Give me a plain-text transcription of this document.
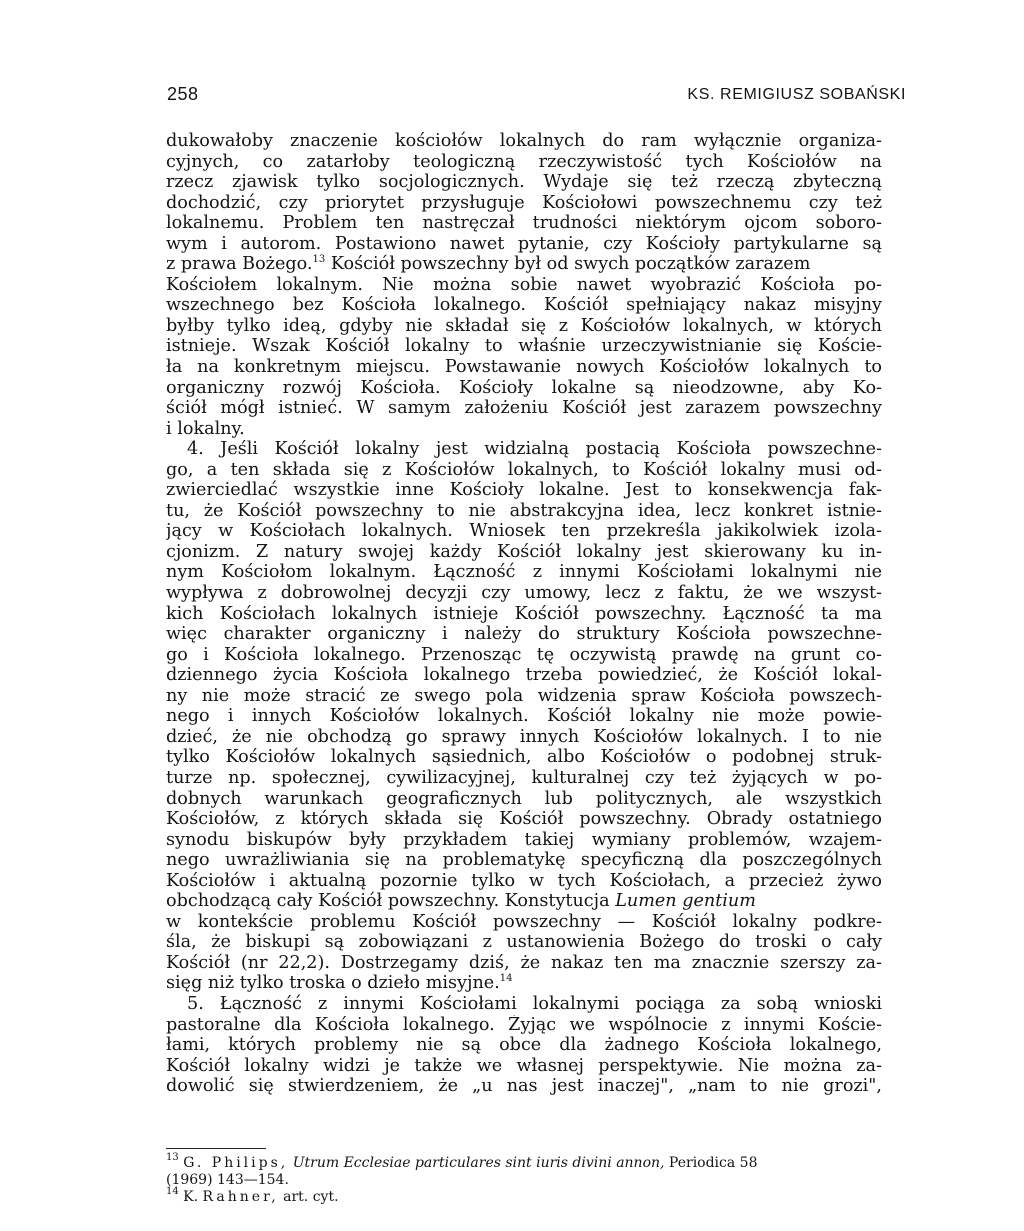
258	KS. REMIGIUSZ SOBAŃSKI
dukowałoby znaczenie kościołów lokalnych do ram wyłącznie organiza-
cyjnych, co zatarłoby teologiczną rzeczywistość tych Kościołów na
rzecz zjawisk tylko socjologicznych. Wydaje się też rzeczą zbyteczną
dochodzić, czy priorytet przysługuje Kościołowi powszechnemu czy też
lokalnemu. Problem ten nastręczał trudności niektórym ojcom soboro-
wym i autorom. Postawiono nawet pytanie, czy Kościoły partykularne są
z prawa Bożego.$^{13}$ Kościół powszechny był od swych początków zarazem
Kościołem lokalnym. Nie można sobie nawet wyobrazić Kościoła po-
wszechnego bez Kościoła lokalnego. Kościół spełniający nakaz misyjny
byłby tylko ideą, gdyby nie składał się z Kościołów lokalnych, w których
istnieje. Wszak Kościół lokalny to właśnie urzeczywistnianie się Koście-
ła na konkretnym miejscu. Powstawanie nowych Kościołów lokalnych to
organiczny rozwój Kościoła. Kościoły lokalne są nieodzowne, aby Ko-
ściół mógł istnieć. W samym założeniu Kościół jest zarazem powszechny
i lokalny.
4. Jeśli Kościół lokalny jest widzialną postacią Kościoła powszechne-
go, a ten składa się z Kościołów lokalnych, to Kościół lokalny musi od-
zwierciedlać wszystkie inne Kościoły lokalne. Jest to konsekwencja fak-
tu, że Kościół powszechny to nie abstrakcyjna idea, lecz konkret istnie-
jący w Kościołach lokalnych. Wniosek ten przekreśla jakikolwiek izola-
cjonizm. Z natury swojej każdy Kościół lokalny jest skierowany ku in-
nym Kościołom lokalnym. Łączność z innymi Kościołami lokalnymi nie
wypływa z dobrowolnej decyzji czy umowy, lecz z faktu, że we wszyst-
kich Kościołach lokalnych istnieje Kościół powszechny. Łączność ta ma
więc charakter organiczny i należy do struktury Kościoła powszechne-
go i Kościoła lokalnego. Przenosząc tę oczywistą prawdę na grunt co-
dziennego życia Kościoła lokalnego trzeba powiedzieć, że Kościół lokal-
ny nie może stracić ze swego pola widzenia spraw Kościoła powszech-
nego i innych Kościołów lokalnych. Kościół lokalny nie może powie-
dzieć, że nie obchodzą go sprawy innych Kościołów lokalnych. I to nie
tylko Kościołów lokalnych sąsiednich, albo Kościołów o podobnej struk-
turze np. społecznej, cywilizacyjnej, kulturalnej czy też żyjących w po-
dobnych warunkach geograficznych lub politycznych, ale wszystkich
Kościołów, z których składa się Kościół powszechny. Obrady ostatniego
synodu biskupów były przykładem takiej wymiany problemów, wzajem-
nego uwrażliwiania się na problematykę specyficzną dla poszczególnych
Kościołów i aktualną pozornie tylko w tych Kościołach, a przecież żywo
obchodzącą cały Kościół powszechny. Konstytucja Lumen gentium
w kontekście problemu Kościół powszechny — Kościół lokalny podkre-
śla, że biskupi są zobowiązani z ustanowienia Bożego do troski o cały
Kościół (nr 22,2). Dostrzegamy dziś, że nakaz ten ma znacznie szerszy za-
sięg niż tylko troska o dzieło misyjne.$^{14}$
5. Łączność z innymi Kościołami lokalnymi pociąga za sobą wnioski
pastoralne dla Kościoła lokalnego. Żyjąc we wspólnocie z innymi Koście-
łami, których problemy nie są obce dla żadnego Kościoła lokalnego,
Kościół lokalny widzi je także we własnej perspektywie. Nie można za-
dowolić się stwierdzeniem, że „u nas jest inaczej", „nam to nie grozi",
$^{13}$ G. Philips, Utrum Ecclesiae particulares sint iuris divini annon, Periodica 58
(1969) 143—154.
$^{14}$ K. Rahner, art. cyt.
